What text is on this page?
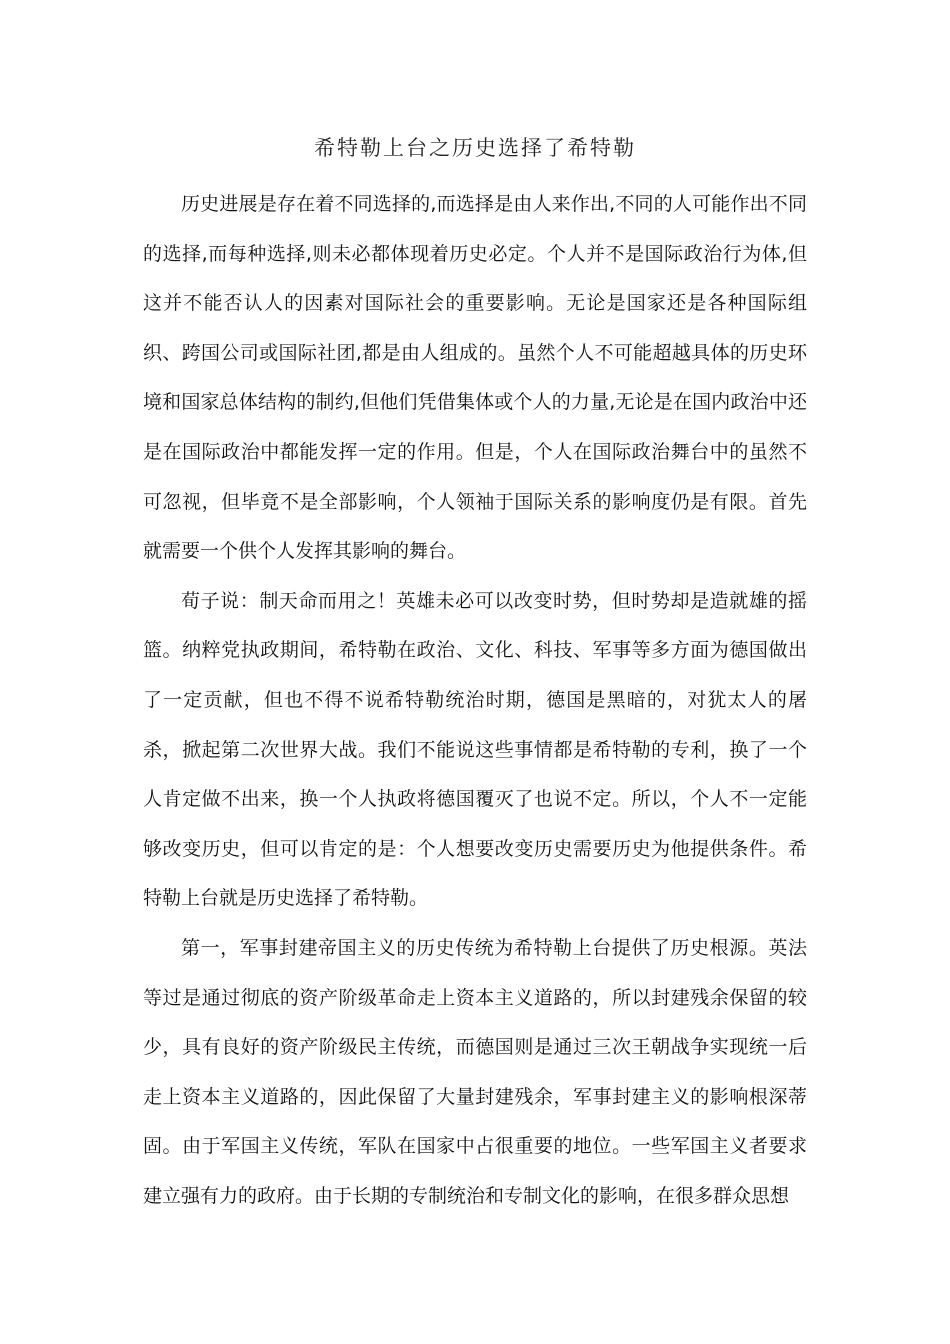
希特勒上台之历史选择了希特勒

历史进展是存在着不同选择的,而选择是由人来作出,不同的人可能作出不同的选择,而每种选择,则未必都体现着历史必定。个人并不是国际政治行为体,但这并不能否认人的因素对国际社会的重要影响。无论是国家还是各种国际组织、跨国公司或国际社团,都是由人组成的。虽然个人不可能超越具体的历史环境和国家总体结构的制约,但他们凭借集体或个人的力量,无论是在国内政治中还是在国际政治中都能发挥一定的作用。但是，个人在国际政治舞台中的虽然不可忽视，但毕竟不是全部影响，个人领袖于国际关系的影响度仍是有限。首先就需要一个供个人发挥其影响的舞台。

荀子说：制天命而用之！英雄未必可以改变时势，但时势却是造就雄的摇篮。纳粹党执政期间，希特勒在政治、文化、科技、军事等多方面为德国做出了一定贡献，但也不得不说希特勒统治时期，德国是黑暗的，对犹太人的屠杀，掀起第二次世界大战。我们不能说这些事情都是希特勒的专利，换了一个人肯定做不出来，换一个人执政将德国覆灭了也说不定。所以，个人不一定能够改变历史，但可以肯定的是：个人想要改变历史需要历史为他提供条件。希特勒上台就是历史选择了希特勒。

第一，军事封建帝国主义的历史传统为希特勒上台提供了历史根源。英法等过是通过彻底的资产阶级革命走上资本主义道路的，所以封建残余保留的较少，具有良好的资产阶级民主传统，而德国则是通过三次王朝战争实现统一后走上资本主义道路的，因此保留了大量封建残余，军事封建主义的影响根深蒂固。由于军国主义传统，军队在国家中占很重要的地位。一些军国主义者要求建立强有力的政府。由于长期的专制统治和专制文化的影响，在很多群众思想
